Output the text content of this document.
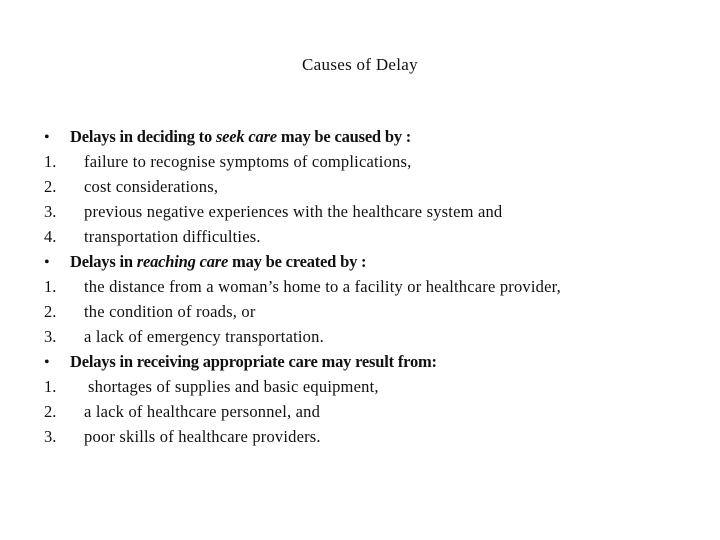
Causes of Delay
•	Delays in deciding to seek care may be caused by :
1.	failure to recognise symptoms of complications,
2.	cost considerations,
3.	previous negative experiences with the healthcare system and
4.	transportation difficulties.
•	Delays in reaching care may be created by :
1.	the distance from a woman’s home to a facility or healthcare provider,
2.	the condition of roads, or
3.	a lack of emergency transportation.
•	Delays in receiving appropriate care may result from:
1.	shortages of supplies and basic equipment,
2.	a lack of healthcare personnel, and
3.	poor skills of healthcare providers.
